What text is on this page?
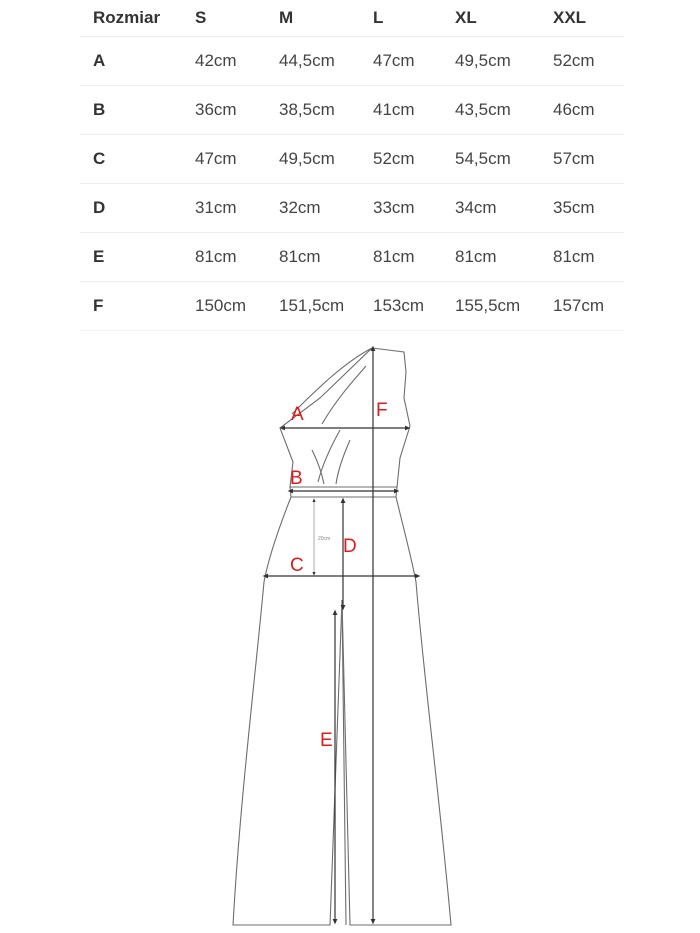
Rozmiar	S	M	L	XL	XXL
A	42cm	44,5cm	47cm	49,5cm	52cm
B	36cm	38,5cm	41cm	43,5cm	46cm
C	47cm	49,5cm	52cm	54,5cm	57cm
D	31cm	32cm	33cm	34cm	35cm
E	81cm	81cm	81cm	81cm	81cm
F	150cm	151,5cm	153cm	155,5cm	157cm
A	F
B
D
C
E
20cm
